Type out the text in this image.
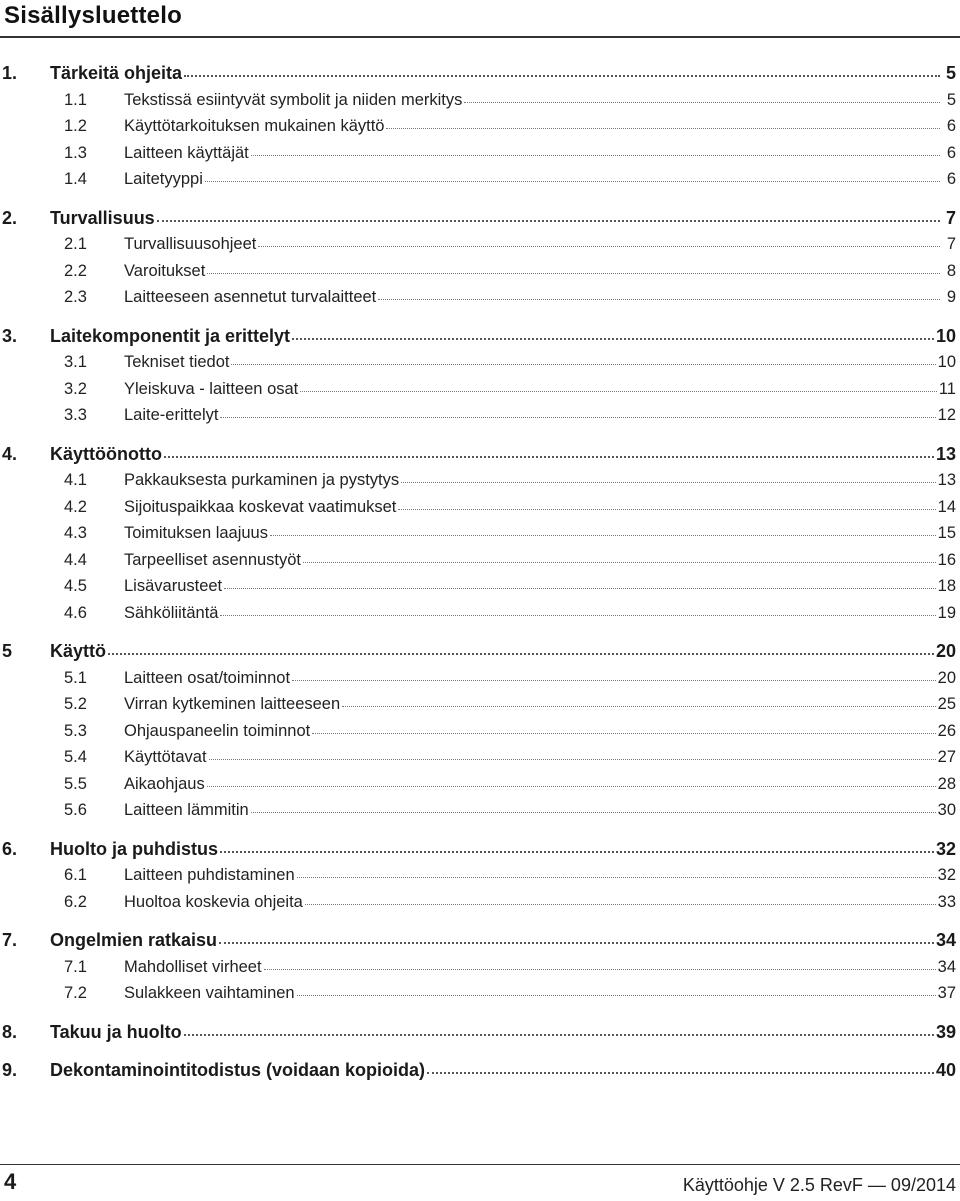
Sisällysluettelo
1.	Tärkeitä ohjeita	5
1.1	Tekstissä esiintyvät symbolit ja niiden merkitys	5
1.2	Käyttötarkoituksen mukainen käyttö	6
1.3	Laitteen käyttäjät	6
1.4	Laitetyyppi	6
2.	Turvallisuus	7
2.1	Turvallisuusohjeet	7
2.2	Varoitukset	8
2.3	Laitteeseen asennetut turvalaitteet	9
3.	Laitekomponentit ja erittelyt	10
3.1	Tekniset tiedot	10
3.2	Yleiskuva - laitteen osat	11
3.3	Laite-erittelyt	12
4.	Käyttöönotto	13
4.1	Pakkauksesta purkaminen ja pystytys	13
4.2	Sijoituspaikkaa koskevat vaatimukset	14
4.3	Toimituksen laajuus	15
4.4	Tarpeelliset asennustyöt	16
4.5	Lisävarusteet	18
4.6	Sähköliitäntä	19
5	Käyttö	20
5.1	Laitteen osat/toiminnot	20
5.2	Virran kytkeminen laitteeseen	25
5.3	Ohjauspaneelin toiminnot	26
5.4	Käyttötavat	27
5.5	Aikaohjaus	28
5.6	Laitteen lämmitin	30
6.	Huolto ja puhdistus	32
6.1	Laitteen puhdistaminen	32
6.2	Huoltoa koskevia ohjeita	33
7.	Ongelmien ratkaisu	34
7.1	Mahdolliset virheet	34
7.2	Sulakkeen vaihtaminen	37
8.	Takuu ja huolto	39
9.	Dekontaminointitodistus (voidaan kopioida)	40
4	Käyttöohje V 2.5 RevF — 09/2014
